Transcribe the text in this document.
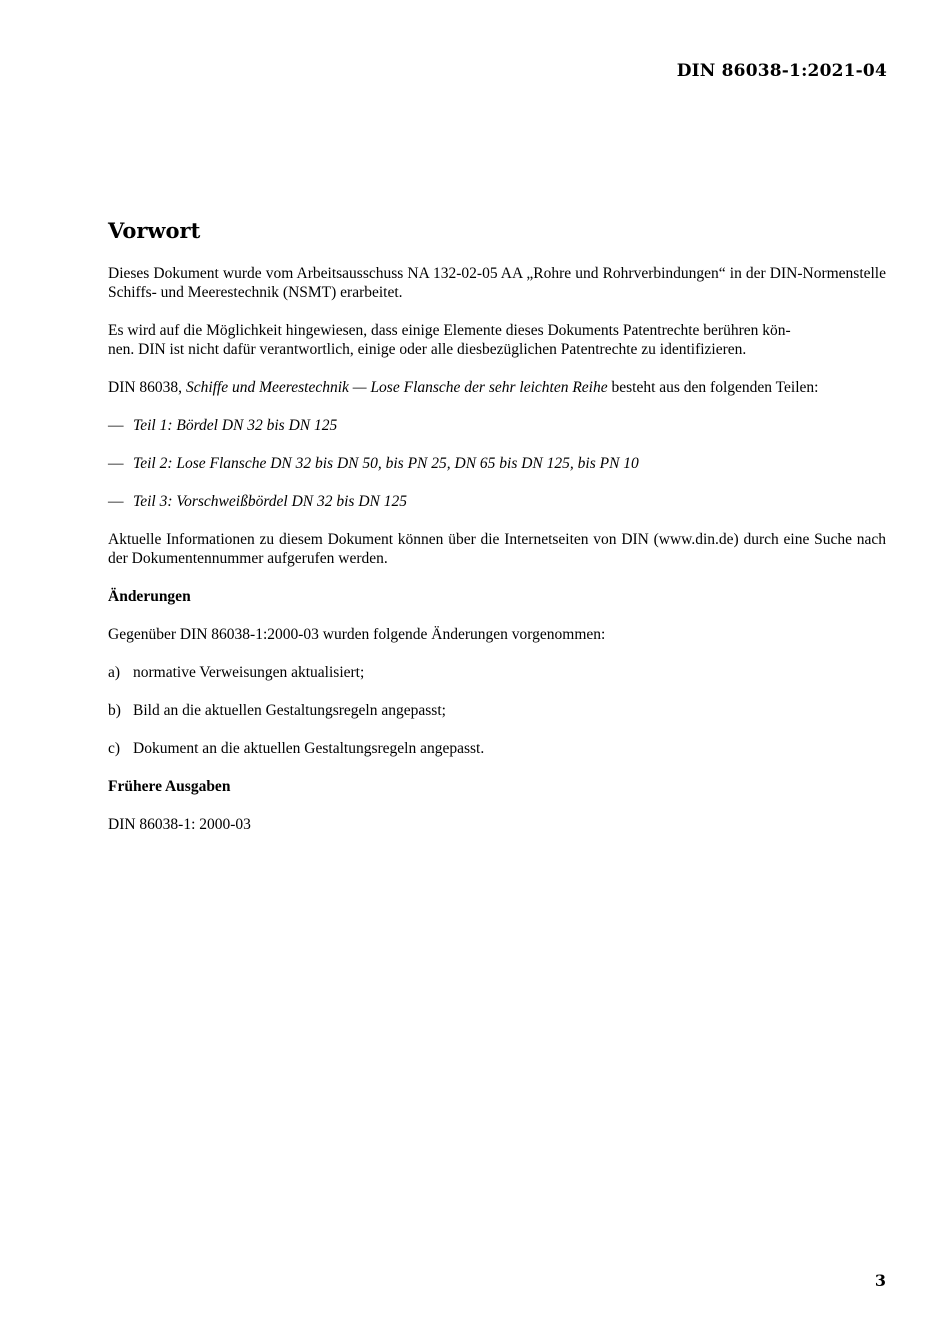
DIN 86038-1:2021-04
Vorwort

Dieses Dokument wurde vom Arbeitsausschuss NA 132-02-05 AA „Rohre und Rohrverbindungen“ in der DIN-Normenstelle Schiffs- und Meerestechnik (NSMT) erarbeitet.

Es wird auf die Möglichkeit hingewiesen, dass einige Elemente dieses Dokuments Patentrechte berühren kön-
nen. DIN ist nicht dafür verantwortlich, einige oder alle diesbezüglichen Patentrechte zu identifizieren.

DIN 86038, Schiffe und Meerestechnik — Lose Flansche der sehr leichten Reihe besteht aus den folgenden Teilen:

— Teil 1: Bördel DN 32 bis DN 125
— Teil 2: Lose Flansche DN 32 bis DN 50, bis PN 25, DN 65 bis DN 125, bis PN 10
— Teil 3: Vorschweißbördel DN 32 bis DN 125

Aktuelle Informationen zu diesem Dokument können über die Internetseiten von DIN (www.din.de) durch eine Suche nach der Dokumentennummer aufgerufen werden.

Änderungen

Gegenüber DIN 86038-1:2000-03 wurden folgende Änderungen vorgenommen:

a) normative Verweisungen aktualisiert;
b) Bild an die aktuellen Gestaltungsregeln angepasst;
c) Dokument an die aktuellen Gestaltungsregeln angepasst.
Frühere Ausgaben

DIN 86038-1: 2000-03

3
